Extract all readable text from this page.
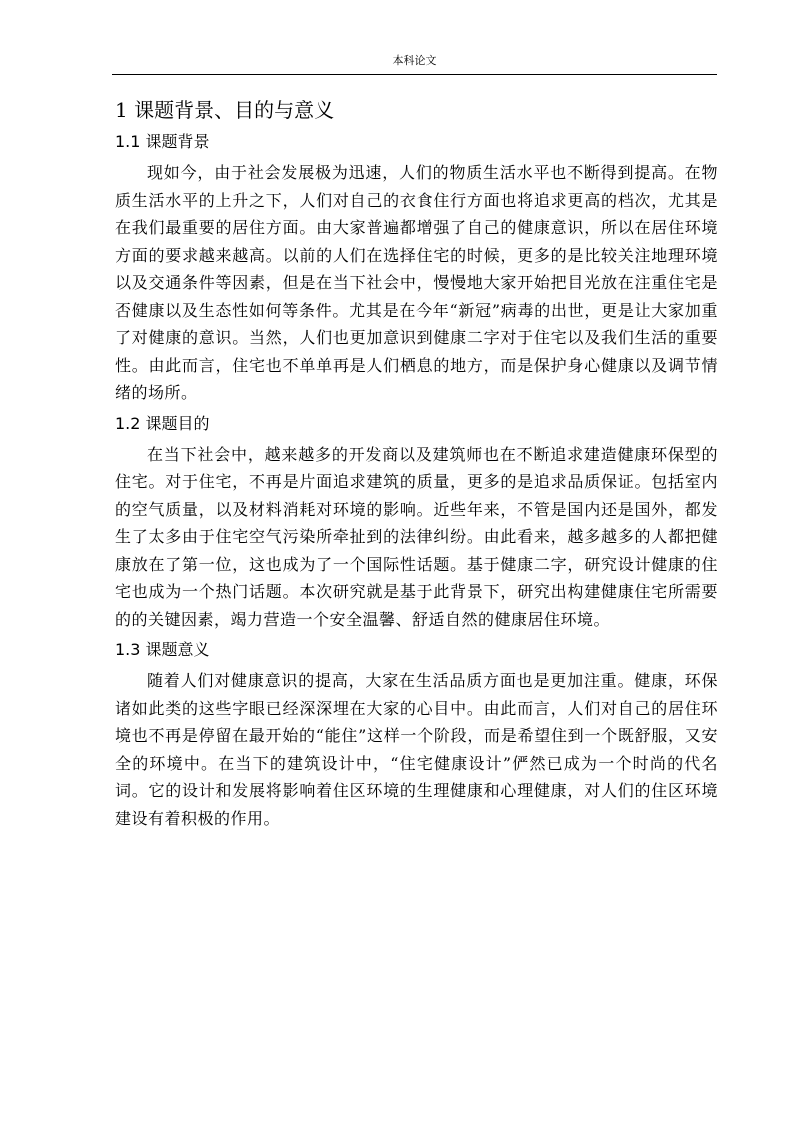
本科论文
1 课题背景、目的与意义
1.1 课题背景

现如今，由于社会发展极为迅速，人们的物质生活水平也不断得到提高。在物质生活水平的上升之下，人们对自己的衣食住行方面也将追求更高的档次，尤其是在我们最重要的居住方面。由大家普遍都增强了自己的健康意识，所以在居住环境方面的要求越来越高。以前的人们在选择住宅的时候，更多的是比较关注地理环境以及交通条件等因素，但是在当下社会中，慢慢地大家开始把目光放在注重住宅是否健康以及生态性如何等条件。尤其是在今年“新冠”病毒的出世，更是让大家加重了对健康的意识。当然，人们也更加意识到健康二字对于住宅以及我们生活的重要性。由此而言，住宅也不单单再是人们栖息的地方，而是保护身心健康以及调节情绪的场所。

1.2 课题目的

在当下社会中，越来越多的开发商以及建筑师也在不断追求建造健康环保型的住宅。对于住宅，不再是片面追求建筑的质量，更多的是追求品质保证。包括室内的空气质量，以及材料消耗对环境的影响。近些年来，不管是国内还是国外，都发生了太多由于住宅空气污染所牵扯到的法律纠纷。由此看来，越多越多的人都把健康放在了第一位，这也成为了一个国际性话题。基于健康二字，研究设计健康的住宅也成为一个热门话题。本次研究就是基于此背景下，研究出构建健康住宅所需要的的关键因素，竭力营造一个安全温馨、舒适自然的健康居住环境。

1.3 课题意义

随着人们对健康意识的提高，大家在生活品质方面也是更加注重。健康，环保诸如此类的这些字眼已经深深埋在大家的心目中。由此而言，人们对自己的居住环境也不再是停留在最开始的“能住”这样一个阶段，而是希望住到一个既舒服，又安全的环境中。在当下的建筑设计中，“住宅健康设计”俨然已成为一个时尚的代名词。它的设计和发展将影响着住区环境的生理健康和心理健康，对人们的住区环境建设有着积极的作用。
